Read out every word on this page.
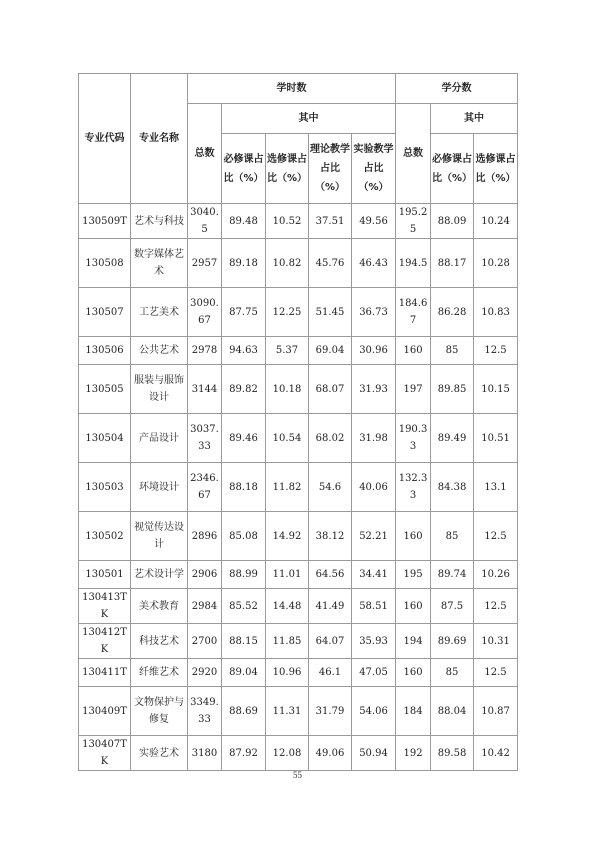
专业代码	专业名称	学时数					学分数		
		总数	其中				总数	其中	
			必修课占比（%）	选修课占比（%）	理论教学占比（%）	实验教学占比（%）		必修课占比（%）	选修课占比（%）
130509T	艺术与科技	3040.5	89.48	10.52	37.51	49.56	195.25	88.09	10.24
130508	数字媒体艺术	2957	89.18	10.82	45.76	46.43	194.5	88.17	10.28
130507	工艺美术	3090.67	87.75	12.25	51.45	36.73	184.67	86.28	10.83
130506	公共艺术	2978	94.63	5.37	69.04	30.96	160	85	12.5
130505	服装与服饰设计	3144	89.82	10.18	68.07	31.93	197	89.85	10.15
130504	产品设计	3037.33	89.46	10.54	68.02	31.98	190.33	89.49	10.51
130503	环境设计	2346.67	88.18	11.82	54.6	40.06	132.33	84.38	13.1
130502	视觉传达设计	2896	85.08	14.92	38.12	52.21	160	85	12.5
130501	艺术设计学	2906	88.99	11.01	64.56	34.41	195	89.74	10.26
130413TK	美术教育	2984	85.52	14.48	41.49	58.51	160	87.5	12.5
130412TK	科技艺术	2700	88.15	11.85	64.07	35.93	194	89.69	10.31
130411T	纤维艺术	2920	89.04	10.96	46.1	47.05	160	85	12.5
130409T	文物保护与修复	3349.33	88.69	11.31	31.79	54.06	184	88.04	10.87
130407TK	实验艺术	3180	87.92	12.08	49.06	50.94	192	89.58	10.42
55
